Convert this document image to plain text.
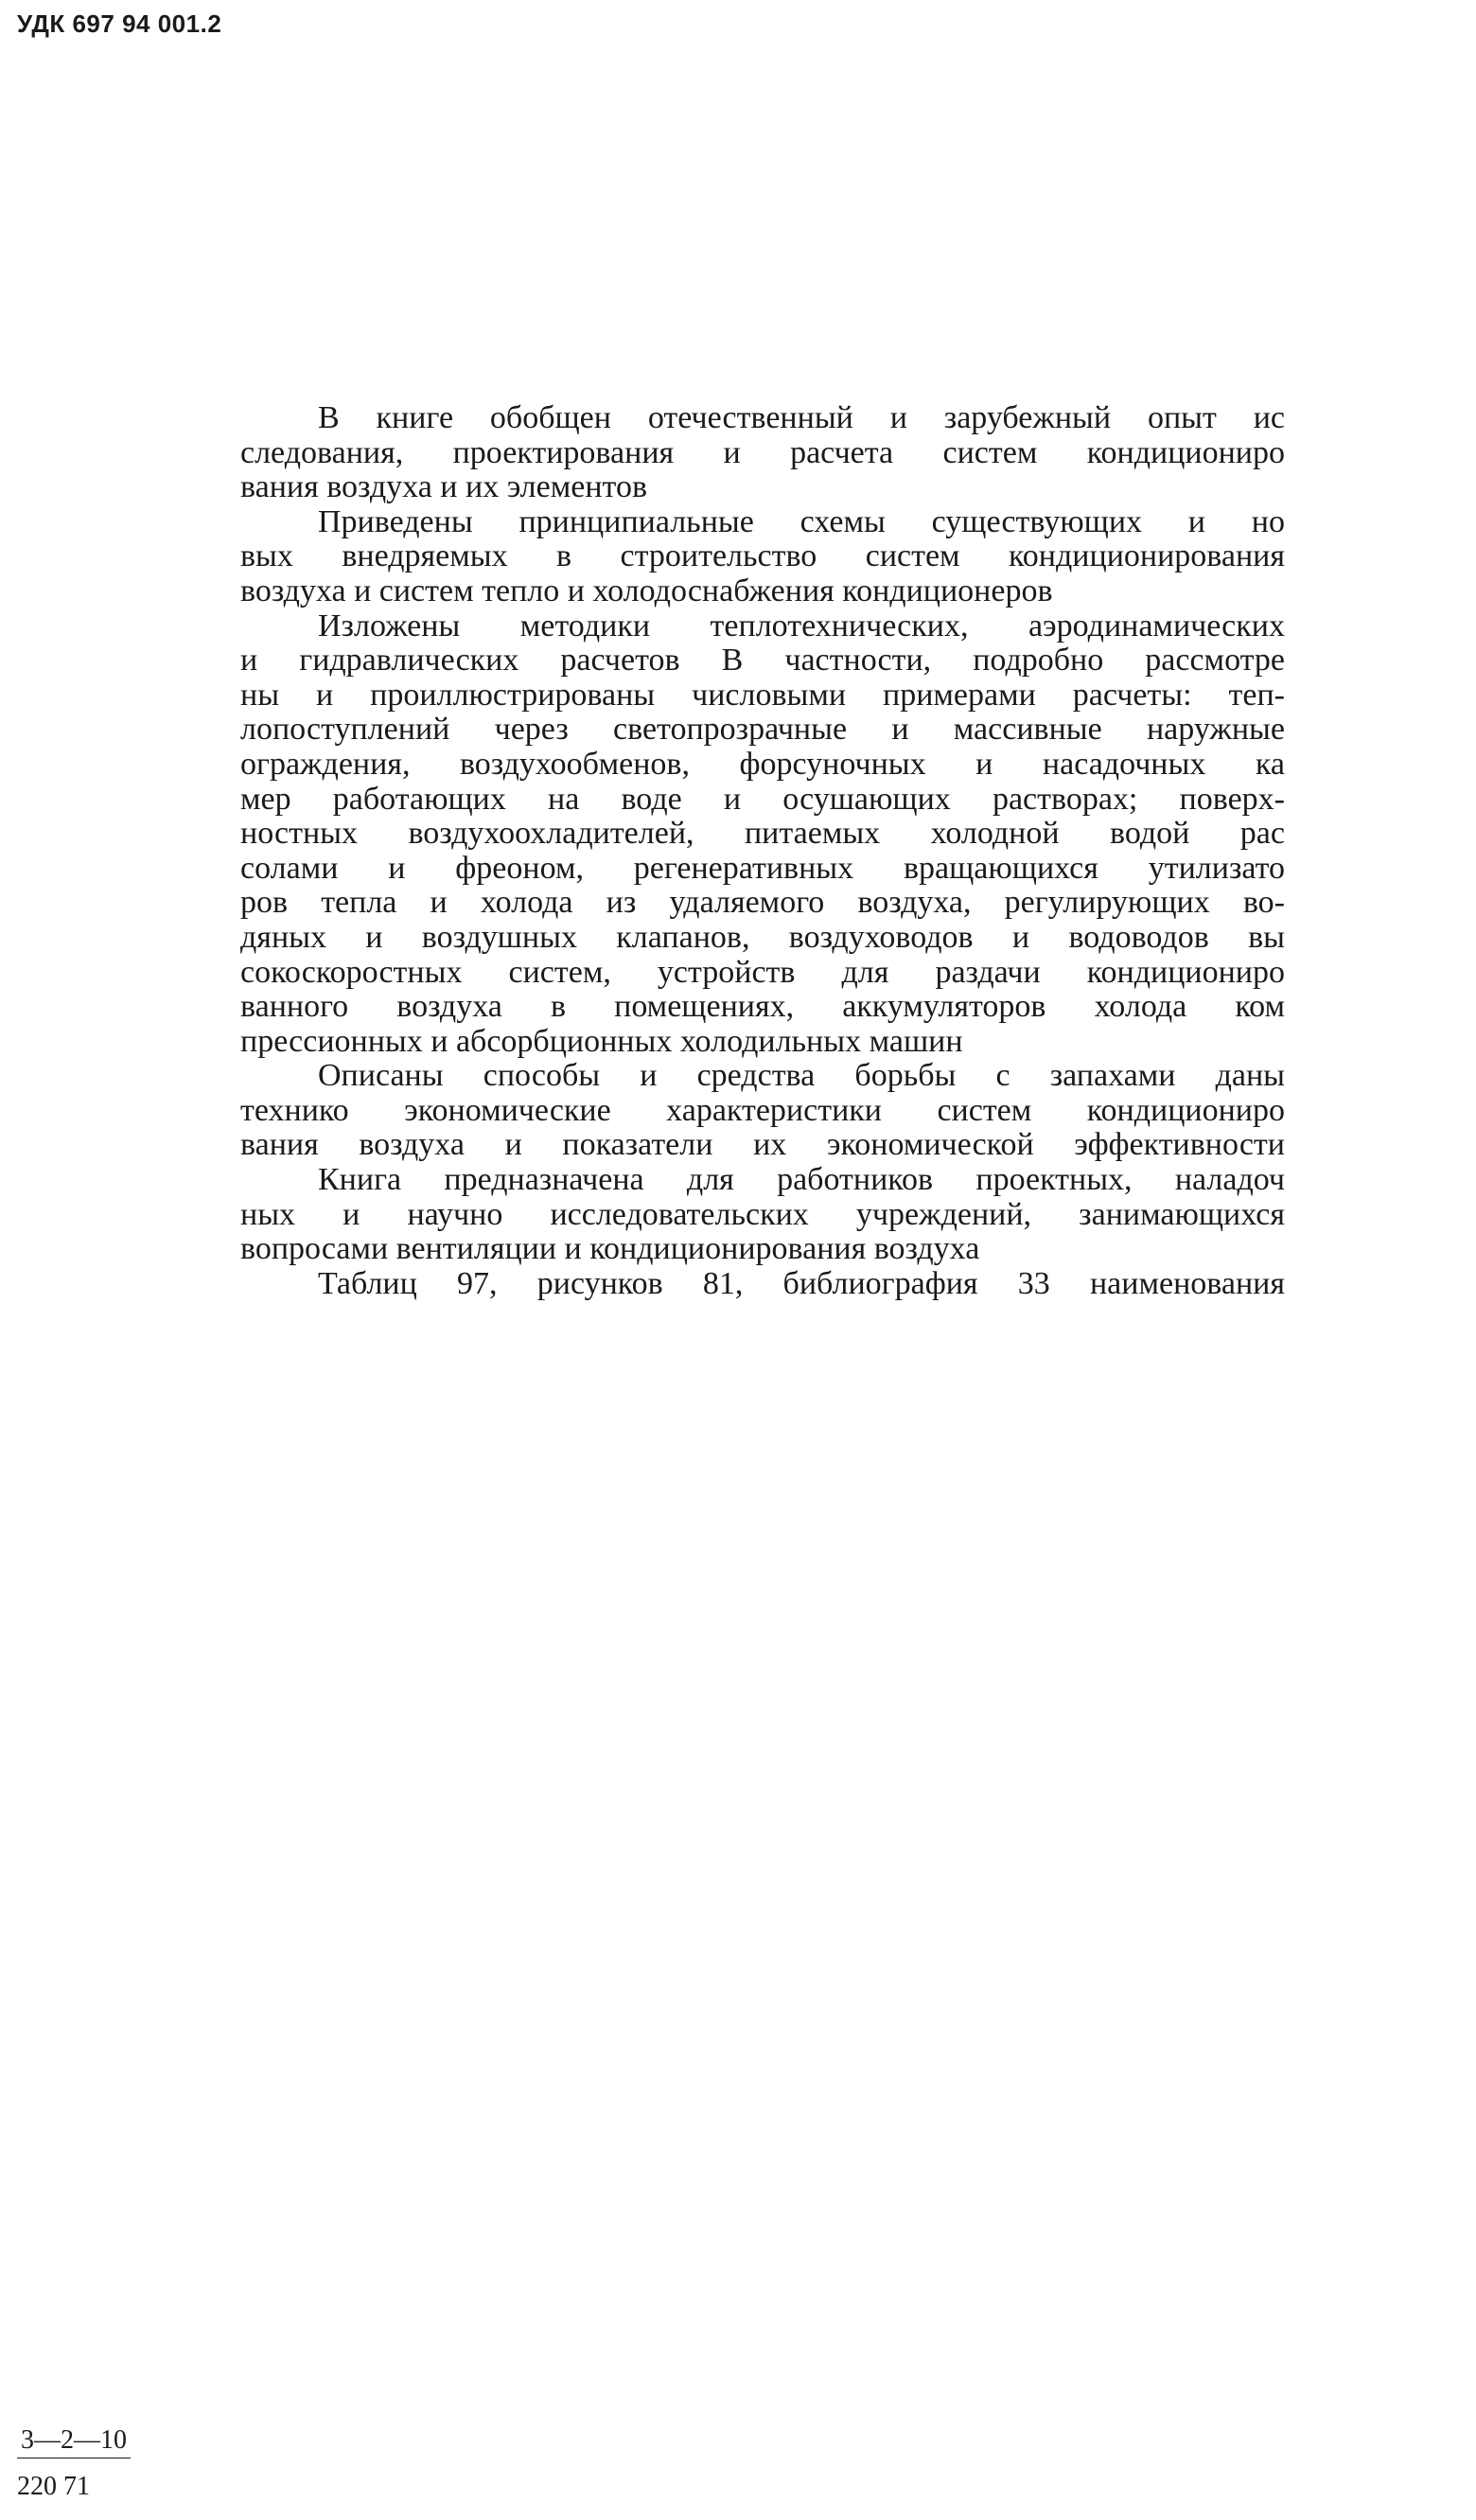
УДК 697 94 001.2

В книге обобщен отечественный и зарубежный опыт ис
следования, проектирования и расчета систем кондициониро
вания воздуха и их элементов

Приведены принципиальные схемы существующих и но
вых внедряемых в строительство систем кондиционирования
воздуха и систем тепло и холодоснабжения кондиционеров

Изложены методики теплотехнических, аэродинамических
и гидравлических расчетов В частности, подробно рассмотре
ны и проиллюстрированы числовыми примерами расчеты: теп-
лопоступлений через светопрозрачные и массивные наружные
ограждения, воздухообменов, форсуночных и насадочных ка
мер работающих на воде и осушающих растворах; поверх-
ностных воздухоохладителей, питаемых холодной водой рас
солами и фреоном, регенеративных вращающихся утилизато
ров тепла и холода из удаляемого воздуха, регулирующих во-
дяных и воздушных клапанов, воздуховодов и водоводов вы
сокоскоростных систем, устройств для раздачи кондициониро
ванного воздуха в помещениях, аккумуляторов холода ком
прессионных и абсорбционных холодильных машин

Описаны способы и средства борьбы с запахами даны
технико экономические характеристики систем кондициониро
вания воздуха и показатели их экономической эффективности

Книга предназначена для работников проектных, наладоч
ных и научно исследовательских учреждений, занимающихся
вопросами вентиляции и кондиционирования воздуха

Таблиц 97, рисунков 81, библиография 33 наименования

3—2—10
220 71
